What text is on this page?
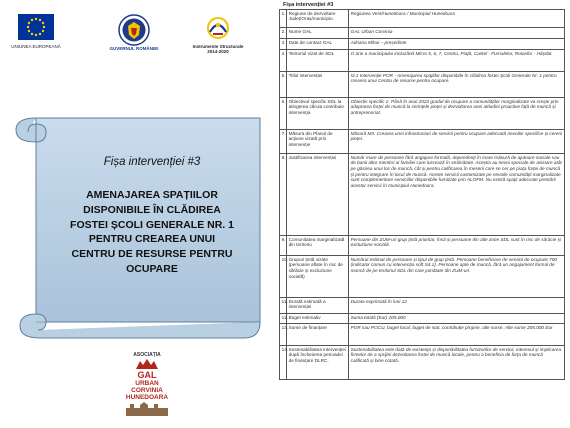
UNIUNEA EUROPEANĂ	GUVERNUL ROMÂNIEI	Instrumente Structurale 2014-2020
Fișa intervenției #3
AMENAJAREA SPAȚIILOR
DISPONIBILE ÎN CLĂDIREA
FOSTEI ȘCOLI GENERALE NR. 1
PENTRU CREAREA UNUI
CENTRU DE RESURSE PENTRU
OCUPARE
ASOCIAȚIA
GAL
URBAN
CORVINIA
HUNEDOARA
Fișa intervenției #3
1.	Regiune de dezvoltare Județ/Oraș/municipiu	Regiunea Vest/Hunedoara / Municipiul Hunedoara
2.	Nume GAL	GAL Urban Corvinia
3.	Date de contact GAL	Adriana Mihai – președinte
4.	Teritoriul vizat de SDL	O arie a municipiului incluzând Micro 5, 6, 7, Centru, Piață, Castel - Furnalelor, Rotarilor - Hășdat.
5.	Titlul intervenției	I3.1 Intervenție POR - Amenajarea spațiilor disponibile în clădirea fostei Școli Generale Nr. 1 pentru crearea unui Centru de resurse pentru ocupare.
6.	Obiectivul specific SDL la atingerea căruia contribuie intervenția	Obiectiv specific 2. Până în anul 2023 gradul de ocupare a comunităților marginalizate va crește prin adaptarea forței de muncă la cerințele pieței și dezvoltarea unei atitudini proactive față de muncă și antreprenoriat.
7.	Măsura din Planul de acțiune vizată prin intervenție	Măsură M3. Crearea unei infrastructuri de servicii pentru ocupare adecvată nevoilor specifice și cererii pieței.
8.	Justificarea intervenției	Număr mare de persoane fără angajare formală, dependenți în mare măsură de ajutoare sociale sau de banii altor membri ai familiei care lucrează în străinătate. Aceștia au nevoi speciale de asistare atât pe găsirea unui loc de muncă, cât și pentru calificarea în meserii care se cer pe piața forței de muncă și pentru integrare în locul de muncă. Aceste servicii customizate pe nevoile comunității marginalizate sunt complementare serviciilor disponibile furnizate prin ALOFM. Nu există spații adecvate prestării acestor servicii în municipiul Hunedoara.
9.	Comunitatea marginalizată din teritoriu	Persoane din ZUM-uri grup țintă prioritar, însă și persoane din alte zone SDL sunt în risc de sărăcie și excluziune socială.
10.	Grupuri țintă vizate (persoane aflate în risc de sărăcie și excluziune socială)	Numărul estimat de persoane și tipul de grup țintă. Persoane beneficiare de servicii de ocupare 700 (indicator comun cu intervenția soft S4.1). Persoane apte de muncă, fără un angajament formal de muncă de pe teritoriul SDL din care jumătate din ZUM-uri.
11.	Durată estimată a intervenției	Durata exprimată în luni 12
12.	Buget estimativ	Suma totală (Eur) 205.000
13.	Surse de finanțare	POR sau POCU, buget local, buget de stat, contribuție proprie, alte surse. Alte surse 205.000 Eur
14.	Sustenabilitatea intervenției după încheierea perioadei de finanțare DLRC.	Sustenabilitatea este dată de existența și disponibilitatea furnizorilor de servicii, interesul și implicarea firmelor de a sprijini dezvoltarea forței de muncă locale, pentru a beneficia de forța de muncă calificată și bine cotată.
